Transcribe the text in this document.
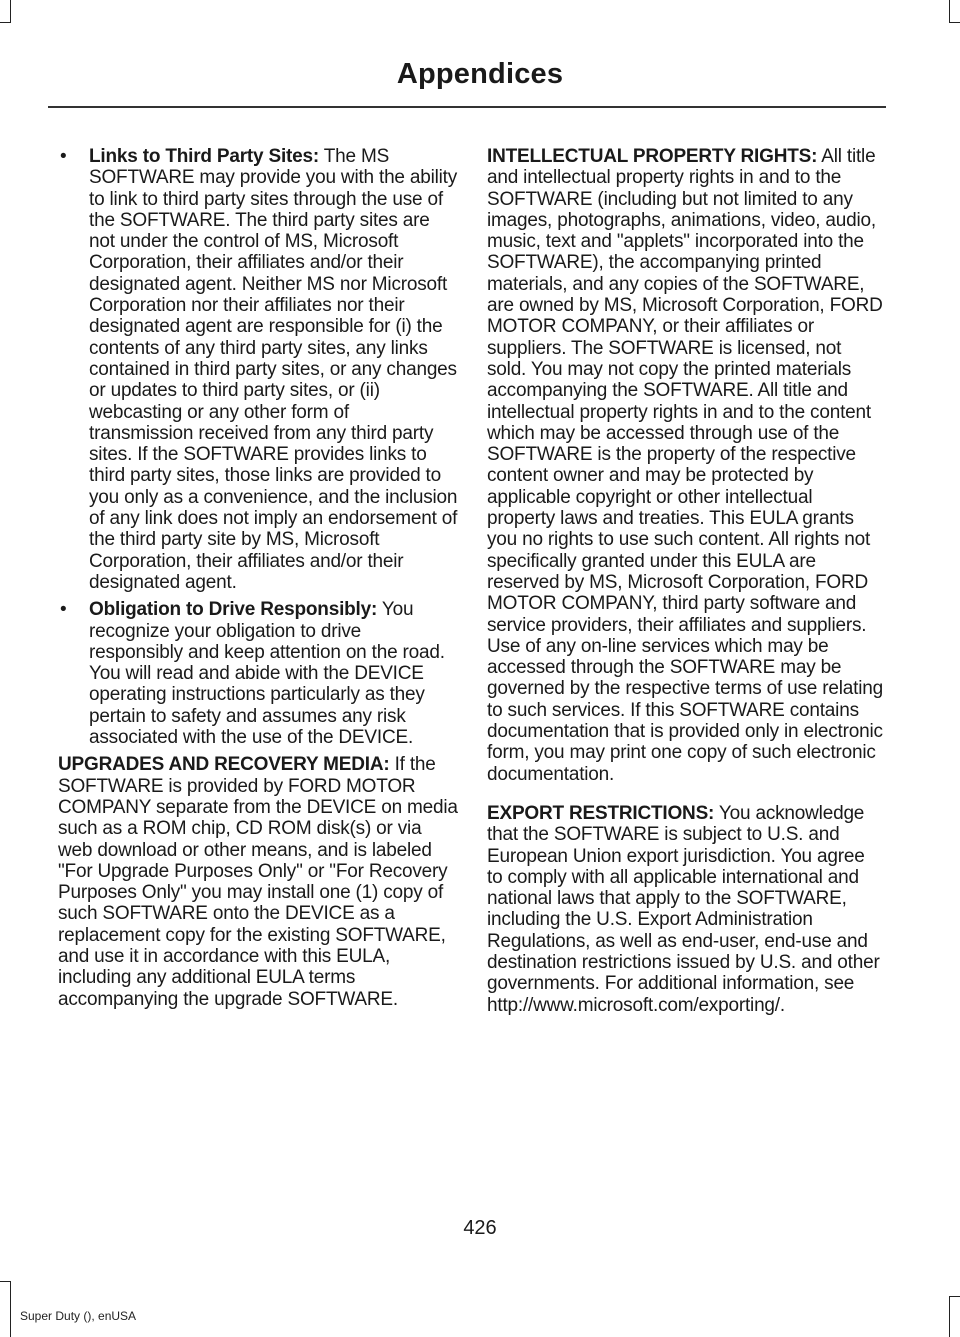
Appendices
• Links to Third Party Sites: The MS SOFTWARE may provide you with the ability to link to third party sites through the use of the SOFTWARE. The third party sites are not under the control of MS, Microsoft Corporation, their affiliates and/or their designated agent. Neither MS nor Microsoft Corporation nor their affiliates nor their designated agent are responsible for (i) the contents of any third party sites, any links contained in third party sites, or any changes or updates to third party sites, or (ii) webcasting or any other form of transmission received from any third party sites. If the SOFTWARE provides links to third party sites, those links are provided to you only as a convenience, and the inclusion of any link does not imply an endorsement of the third party site by MS, Microsoft Corporation, their affiliates and/or their designated agent.
• Obligation to Drive Responsibly: You recognize your obligation to drive responsibly and keep attention on the road. You will read and abide with the DEVICE operating instructions particularly as they pertain to safety and assumes any risk associated with the use of the DEVICE.

UPGRADES AND RECOVERY MEDIA: If the SOFTWARE is provided by FORD MOTOR COMPANY separate from the DEVICE on media such as a ROM chip, CD ROM disk(s) or via web download or other means, and is labeled "For Upgrade Purposes Only" or "For Recovery Purposes Only" you may install one (1) copy of such SOFTWARE onto the DEVICE as a replacement copy for the existing SOFTWARE, and use it in accordance with this EULA, including any additional EULA terms accompanying the upgrade SOFTWARE.

INTELLECTUAL PROPERTY RIGHTS: All title and intellectual property rights in and to the SOFTWARE (including but not limited to any images, photographs, animations, video, audio, music, text and "applets" incorporated into the SOFTWARE), the accompanying printed materials, and any copies of the SOFTWARE, are owned by MS, Microsoft Corporation, FORD MOTOR COMPANY, or their affiliates or suppliers. The SOFTWARE is licensed, not sold. You may not copy the printed materials accompanying the SOFTWARE. All title and intellectual property rights in and to the content which may be accessed through use of the SOFTWARE is the property of the respective content owner and may be protected by applicable copyright or other intellectual property laws and treaties. This EULA grants you no rights to use such content. All rights not specifically granted under this EULA are reserved by MS, Microsoft Corporation, FORD MOTOR COMPANY, third party software and service providers, their affiliates and suppliers. Use of any on-line services which may be accessed through the SOFTWARE may be governed by the respective terms of use relating to such services. If this SOFTWARE contains documentation that is provided only in electronic form, you may print one copy of such electronic documentation.

EXPORT RESTRICTIONS: You acknowledge that the SOFTWARE is subject to U.S. and European Union export jurisdiction. You agree to comply with all applicable international and national laws that apply to the SOFTWARE, including the U.S. Export Administration Regulations, as well as end-user, end-use and destination restrictions issued by U.S. and other governments. For additional information, see http://www.microsoft.com/exporting/.

426
Super Duty (), enUSA
